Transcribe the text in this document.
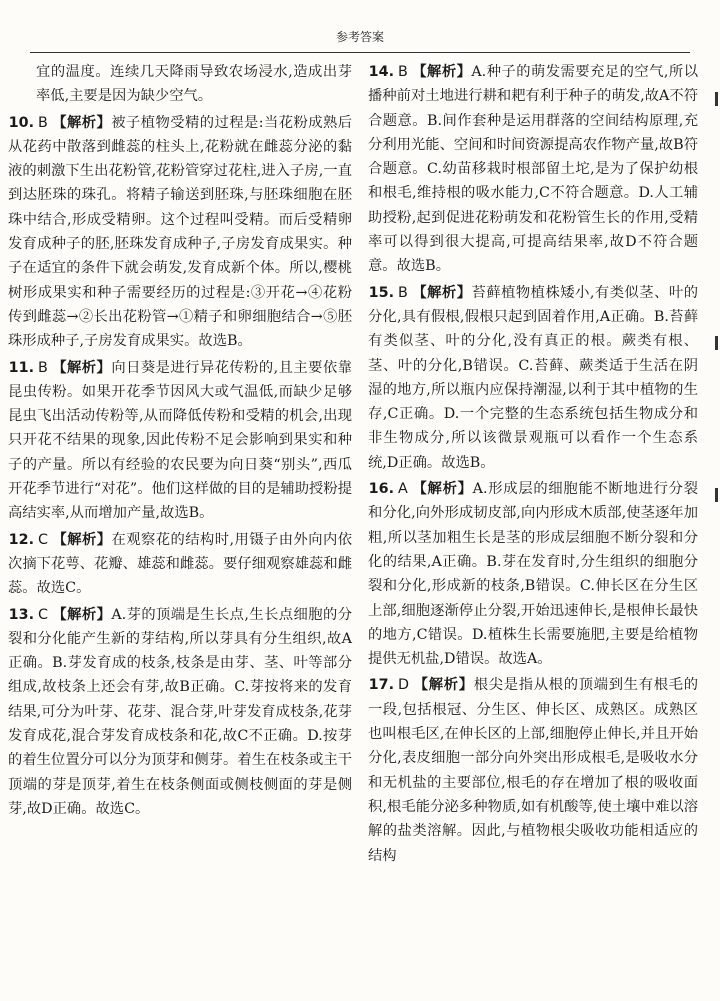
参考答案
宜的温度。连续几天降雨导致农场浸水,造成出芽率低,主要是因为缺少空气。
10. B 【解析】被子植物受精的过程是:当花粉成熟后从花药中散落到雌蕊的柱头上,花粉就在雌蕊分泌的黏液的刺激下生出花粉管,花粉管穿过花柱,进入子房,一直到达胚珠的珠孔。将精子输送到胚珠,与胚珠细胞在胚珠中结合,形成受精卵。这个过程叫受精。而后受精卵发育成种子的胚,胚珠发育成种子,子房发育成果实。种子在适宜的条件下就会萌发,发育成新个体。所以,樱桃树形成果实和种子需要经历的过程是:③开花→④花粉传到雌蕊→②长出花粉管→①精子和卵细胞结合→⑤胚珠形成种子,子房发育成果实。故选B。
11. B 【解析】向日葵是进行异花传粉的,且主要依靠昆虫传粉。如果开花季节因风大或气温低,而缺少足够昆虫飞出活动传粉等,从而降低传粉和受精的机会,出现只开花不结果的现象,因此传粉不足会影响到果实和种子的产量。所以有经验的农民要为向日葵“别头”,西瓜开花季节进行“对花”。他们这样做的目的是辅助授粉提高结实率,从而增加产量,故选B。
12. C 【解析】在观察花的结构时,用镊子由外向内依次摘下花萼、花瓣、雄蕊和雌蕊。要仔细观察雄蕊和雌蕊。故选C。
13. C 【解析】A.芽的顶端是生长点,生长点细胞的分裂和分化能产生新的芽结构,所以芽具有分生组织,故A正确。B.芽发育成的枝条,枝条是由芽、茎、叶等部分组成,故枝条上还会有芽,故B正确。C.芽按将来的发育结果,可分为叶芽、花芽、混合芽,叶芽发育成枝条,花芽发育成花,混合芽发育成枝条和花,故C不正确。D.按芽的着生位置分可以分为顶芽和侧芽。着生在枝条或主干顶端的芽是顶芽,着生在枝条侧面或侧枝侧面的芽是侧芽,故D正确。故选C。
14. B 【解析】A.种子的萌发需要充足的空气,所以播种前对土地进行耕和耙有利于种子的萌发,故A不符合题意。B.间作套种是运用群落的空间结构原理,充分利用光能、空间和时间资源提高农作物产量,故B符合题意。C.幼苗移栽时根部留土坨,是为了保护幼根和根毛,维持根的吸水能力,C不符合题意。D.人工辅助授粉,起到促进花粉萌发和花粉管生长的作用,受精率可以得到很大提高,可提高结果率,故D不符合题意。故选B。
15. B 【解析】苔藓植物植株矮小,有类似茎、叶的分化,具有假根,假根只起到固着作用,A正确。B.苔藓有类似茎、叶的分化,没有真正的根。蕨类有根、茎、叶的分化,B错误。C.苔藓、蕨类适于生活在阴湿的地方,所以瓶内应保持潮湿,以利于其中植物的生存,C正确。D.一个完整的生态系统包括生物成分和非生物成分,所以该微景观瓶可以看作一个生态系统,D正确。故选B。
16. A 【解析】A.形成层的细胞能不断地进行分裂和分化,向外形成韧皮部,向内形成木质部,使茎逐年加粗,所以茎加粗生长是茎的形成层细胞不断分裂和分化的结果,A正确。B.芽在发育时,分生组织的细胞分裂和分化,形成新的枝条,B错误。C.伸长区在分生区上部,细胞逐渐停止分裂,开始迅速伸长,是根伸长最快的地方,C错误。D.植株生长需要施肥,主要是给植物提供无机盐,D错误。故选A。
17. D 【解析】根尖是指从根的顶端到生有根毛的一段,包括根冠、分生区、伸长区、成熟区。成熟区也叫根毛区,在伸长区的上部,细胞停止伸长,并且开始分化,表皮细胞一部分向外突出形成根毛,是吸收水分和无机盐的主要部位,根毛的存在增加了根的吸收面积,根毛能分泌多种物质,如有机酸等,使土壤中难以溶解的盐类溶解。因此,与植物根尖吸收功能相适应的结构
